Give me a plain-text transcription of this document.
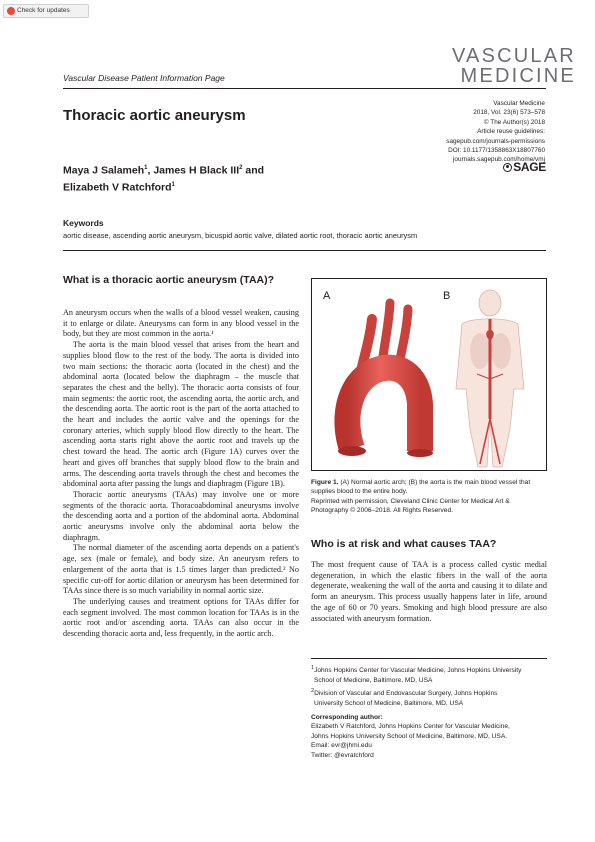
Check for updates
VASCULAR
MEDICINE
Vascular Disease Patient Information Page
Thoracic aortic aneurysm
Vascular Medicine
2018, Vol. 23(6) 573–578
© The Author(s) 2018
Article reuse guidelines:
sagepub.com/journals-permissions
DOI: 10.1177/1358863X18807760
journals.sagepub.com/home/vmj
SAGE
Maya J Salameh$^1$, James H Black III$^2$ and
Elizabeth V Ratchford$^1$
Keywords
aortic disease, ascending aortic aneurysm, bicuspid aortic valve, dilated aortic root, thoracic aortic aneurysm
What is a thoracic aortic aneurysm (TAA)?

An aneurysm occurs when the walls of a blood vessel weaken, causing it to enlarge or dilate. Aneurysms can form in any blood vessel in the body, but they are most common in the aorta.¹

The aorta is the main blood vessel that arises from the heart and supplies blood flow to the rest of the body. The aorta is divided into two main sections: the thoracic aorta (located in the chest) and the abdominal aorta (located below the diaphragm – the muscle that separates the chest and the belly). The thoracic aorta consists of four main segments: the aortic root, the ascending aorta, the aortic arch, and the descending aorta. The aortic root is the part of the aorta attached to the heart and includes the aortic valve and the openings for the coronary arteries, which supply blood flow directly to the heart. The ascending aorta starts right above the aortic root and travels up the chest toward the head. The aortic arch (Figure 1A) curves over the heart and gives off branches that supply blood flow to the brain and arms. The descending aorta travels through the chest and becomes the abdominal aorta after passing the lungs and diaphragm (Figure 1B).

Thoracic aortic aneurysms (TAAs) may involve one or more segments of the thoracic aorta. Thoracoabdominal aneurysms involve the descending aorta and a portion of the abdominal aorta. Abdominal aortic aneurysms involve only the abdominal aorta below the diaphragm.

The normal diameter of the ascending aorta depends on a patient's age, sex (male or female), and body size. An aneurysm refers to enlargement of the aorta that is 1.5 times larger than predicted.² No specific cut-off for aortic dilation or aneurysm has been determined for TAAs since there is so much variability in normal aortic size.

The underlying causes and treatment options for TAAs differ for each segment involved. The most common location for TAAs is in the aortic root and/or ascending aorta. TAAs can also occur in the descending thoracic aorta and, less frequently, in the aortic arch.

A	B
Figure 1. (A) Normal aortic arch; (B) the aorta is the main blood vessel that supplies blood to the entire body.
Reprinted with permission, Cleveland Clinic Center for Medical Art & Photography © 2006–2018. All Rights Reserved.
Who is at risk and what causes TAA?

The most frequent cause of TAA is a process called cystic medial degeneration, in which the elastic fibers in the wall of the aorta degenerate, weakening the wall of the aorta and causing it to dilate and form an aneurysm. This process usually happens later in life, around the age of 60 or 70 years. Smoking and high blood pressure are also associated with aneurysm formation.

$^1$Johns Hopkins Center for Vascular Medicine, Johns Hopkins University
School of Medicine, Baltimore, MD, USA
$^2$Division of Vascular and Endovascular Surgery, Johns Hopkins
University School of Medicine, Baltimore, MD, USA
Corresponding author:
Elizabeth V Ratchford, Johns Hopkins Center for Vascular Medicine,
Johns Hopkins University School of Medicine, Baltimore, MD, USA.
Email: evr@jhmi.edu
Twitter: @evratchford
